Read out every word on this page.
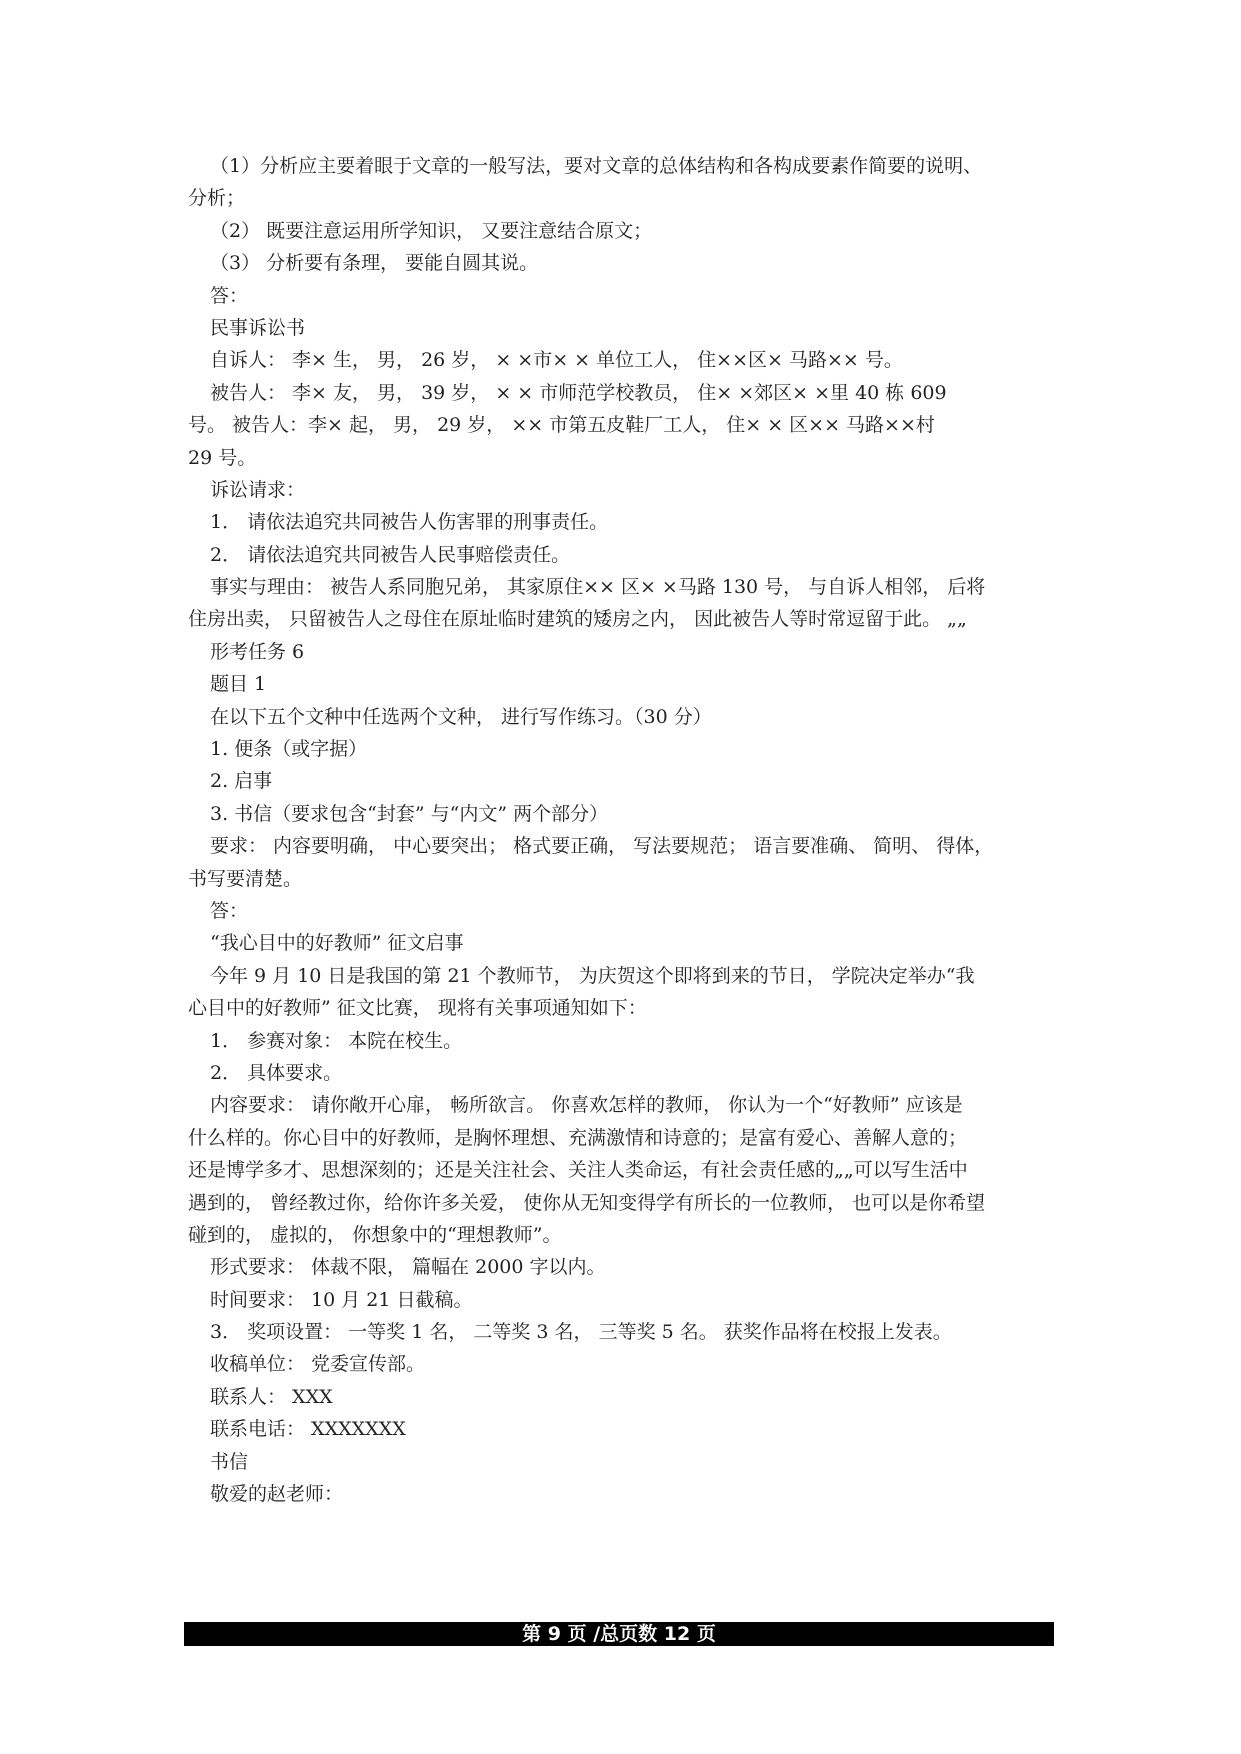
（1）分析应主要着眼于文章的一般写法，要对文章的总体结构和各构成要素作简要的说明、
分析；
（2） 既要注意运用所学知识， 又要注意结合原文；
（3） 分析要有条理， 要能自圆其说。
答：
民事诉讼书
自诉人： 李× 生， 男， 26 岁， × ×市× × 单位工人， 住××区× 马路×× 号。
被告人： 李× 友， 男， 39 岁， × × 市师范学校教员， 住× ×郊区× ×里 40 栋 609
号。 被告人：李× 起， 男， 29 岁， ×× 市第五皮鞋厂工人， 住× × 区×× 马路××村
29 号。
诉讼请求：
1． 请依法追究共同被告人伤害罪的刑事责任。
2． 请依法追究共同被告人民事赔偿责任。
事实与理由： 被告人系同胞兄弟， 其家原住×× 区× ×马路 130 号， 与自诉人相邻， 后将
住房出卖， 只留被告人之母住在原址临时建筑的矮房之内， 因此被告人等时常逗留于此。 „„
形考任务 6
题目 1
在以下五个文种中任选两个文种， 进行写作练习。（30 分）
1. 便条（或字据）
2. 启事
3. 书信（要求包含“封套” 与“内文” 两个部分）
要求： 内容要明确， 中心要突出； 格式要正确， 写法要规范； 语言要准确、 简明、 得体，
书写要清楚。
答：
“我心目中的好教师” 征文启事
今年 9 月 10 日是我国的第 21 个教师节， 为庆贺这个即将到来的节日， 学院决定举办“我
心目中的好教师” 征文比赛， 现将有关事项通知如下：
1． 参赛对象： 本院在校生。
2． 具体要求。
内容要求： 请你敞开心扉， 畅所欲言。 你喜欢怎样的教师， 你认为一个“好教师” 应该是
什么样的。你心目中的好教师，是胸怀理想、充满激情和诗意的；是富有爱心、善解人意的；
还是博学多才、思想深刻的；还是关注社会、关注人类命运，有社会责任感的„„可以写生活中
遇到的， 曾经教过你，给你许多关爱， 使你从无知变得学有所长的一位教师， 也可以是你希望
碰到的， 虚拟的， 你想象中的“理想教师”。
形式要求： 体裁不限， 篇幅在 2000 字以内。
时间要求： 10 月 21 日截稿。
3． 奖项设置： 一等奖 1 名， 二等奖 3 名， 三等奖 5 名。 获奖作品将在校报上发表。
收稿单位： 党委宣传部。
联系人： XXX
联系电话： XXXXXXX
书信
敬爱的赵老师：
第 9 页 /总页数 12 页
